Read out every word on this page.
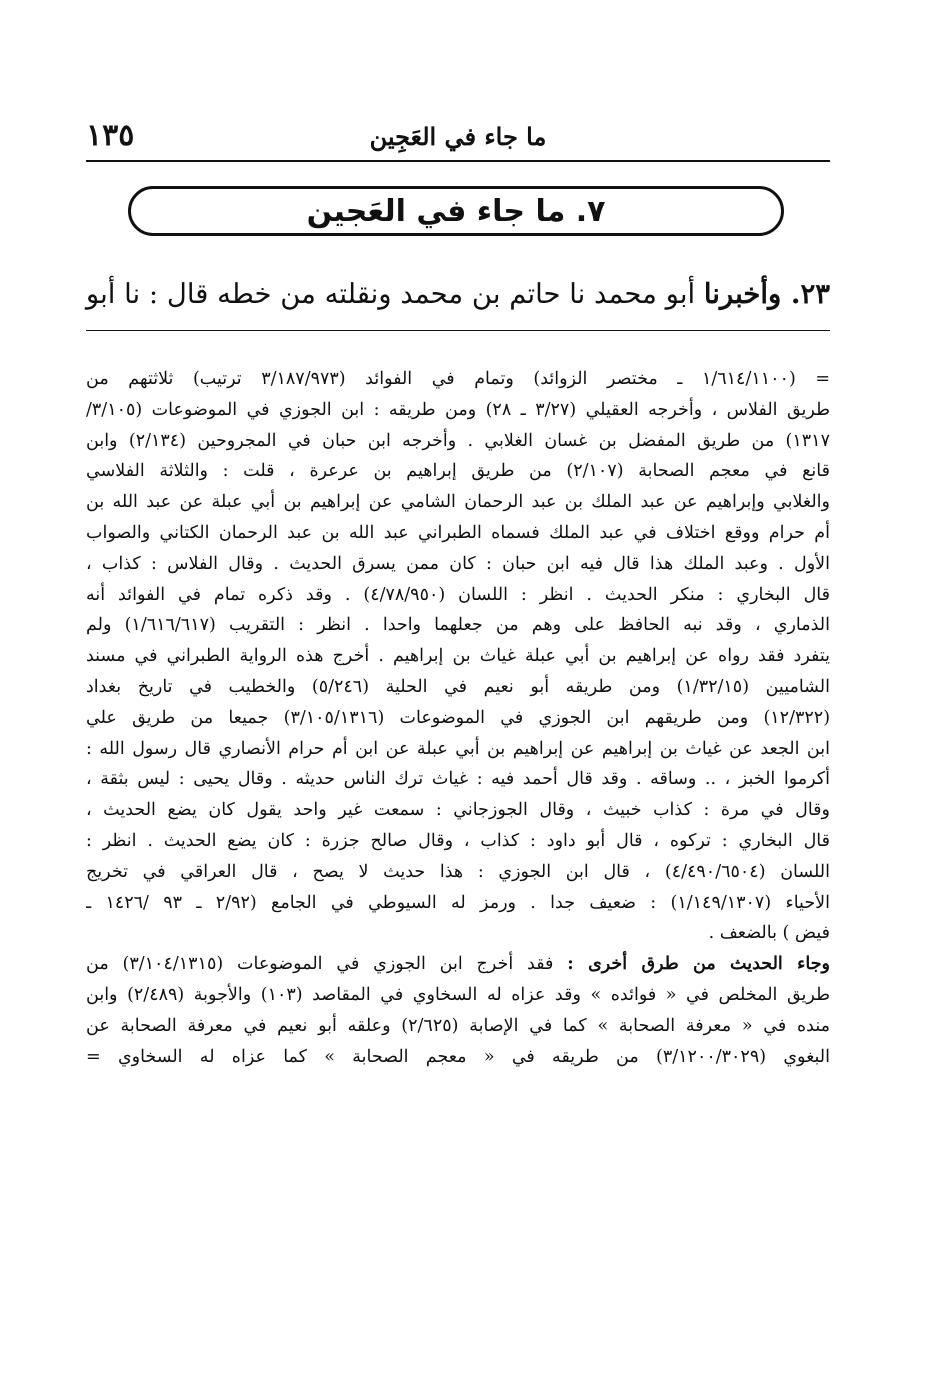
ما جاء في العَجِين
١٣٥
٧. ما جاء في العَجين
٢٣. وأخبرنا أبو محمد نا حاتم بن محمد ونقلته من خطه قال : نا أبو
= (١/٦١٤/١١٠٠ ـ مختصر الزوائد) وتمام في الفوائد (٣/١٨٧/٩٧٣ ترتيب) ثلاثتهم من
طريق الفلاس ، وأخرجه العقيلي (٣/٢٧ ـ ٢٨) ومن طريقه : ابن الجوزي في الموضوعات (٣/١٠٥/
١٣١٧) من طريق المفضل بن غسان الغلابي . وأخرجه ابن حبان في المجروحين (٢/١٣٤) وابن
قانع في معجم الصحابة (٢/١٠٧) من طريق إبراهيم بن عرعرة ، قلت : والثلاثة الفلاسي
والغلابي وإبراهيم عن عبد الملك بن عبد الرحمان الشامي عن إبراهيم بن أبي عبلة عن عبد الله بن
أم حرام ووقع اختلاف في عبد الملك فسماه الطبراني عبد الله بن عبد الرحمان الكتاني والصواب
الأول . وعبد الملك هذا قال فيه ابن حبان : كان ممن يسرق الحديث . وقال الفلاس : كذاب ،
قال البخاري : منكر الحديث . انظر : اللسان (٤/٧٨/٩٥٠) . وقد ذكره تمام في الفوائد أنه
الذماري ، وقد نبه الحافظ على وهم من جعلهما واحدا . انظر : التقريب (١/٦١٦/٦١٧) ولم
يتفرد فقد رواه عن إبراهيم بن أبي عبلة غياث بن إبراهيم . أخرج هذه الرواية الطبراني في مسند
الشاميين (١/٣٢/١٥) ومن طريقه أبو نعيم في الحلية (٥/٢٤٦) والخطيب في تاريخ بغداد
(١٢/٣٢٢) ومن طريقهم ابن الجوزي في الموضوعات (٣/١٠٥/١٣١٦) جميعا من طريق علي
ابن الجعد عن غياث بن إبراهيم عن إبراهيم بن أبي عبلة عن ابن أم حرام الأنصاري قال رسول الله :
أكرموا الخبز ، .. وساقه . وقد قال أحمد فيه : غياث ترك الناس حديثه . وقال يحيى : ليس بثقة ،
وقال في مرة : كذاب خبيث ، وقال الجوزجاني : سمعت غير واحد يقول كان يضع الحديث ،
قال البخاري : تركوه ، قال أبو داود : كذاب ، وقال صالح جزرة : كان يضع الحديث . انظر :
اللسان (٤/٤٩٠/٦٥٠٤) ، قال ابن الجوزي : هذا حديث لا يصح ، قال العراقي في تخريج
الأحياء (١/١٤٩/١٣٠٧) : ضعيف جدا . ورمز له السيوطي في الجامع (٢/٩٢ ـ ٩٣ /١٤٢٦ ـ
فيض ) بالضعف .
وجاء الحديث من طرق أخرى : فقد أخرج ابن الجوزي في الموضوعات (٣/١٠٤/١٣١٥) من
طريق المخلص في « فوائده » وقد عزاه له السخاوي في المقاصد (١٠٣) والأجوبة (٢/٤٨٩) وابن
منده في « معرفة الصحابة » كما في الإصابة (٢/٦٢٥) وعلقه أبو نعيم في معرفة الصحابة عن
البغوي (٣/١٢٠٠/٣٠٢٩) من طريقه في « معجم الصحابة » كما عزاه له السخاوي =
